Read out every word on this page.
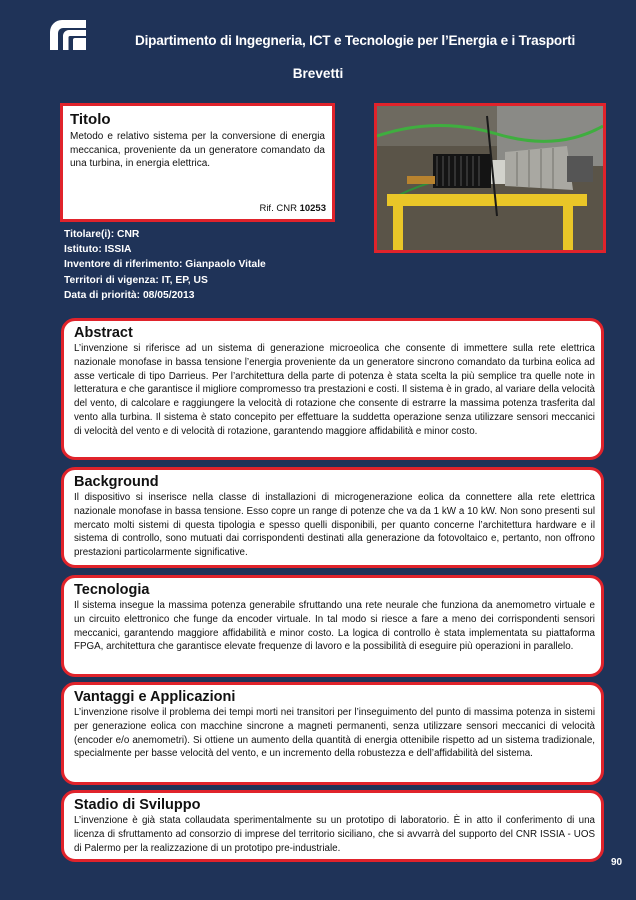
Dipartimento di Ingegneria, ICT e Tecnologie per l’Energia e i Trasporti
Brevetti
Titolo
Metodo e relativo sistema per la conversione di energia meccanica, proveniente da un generatore comandato da una turbina, in energia elettrica.
Rif. CNR 10253
Titolare(i): CNR
Istituto: ISSIA
Inventore di riferimento: Gianpaolo Vitale
Territori di vigenza: IT, EP, US
Data di priorità: 08/05/2013
Abstract
L’invenzione si riferisce ad un sistema di generazione microeolica che consente di immettere sulla rete elettrica nazionale monofase in bassa tensione l’energia proveniente da un generatore sincrono comandato da turbina eolica ad asse verticale di tipo Darrieus. Per l’architettura della parte di potenza è stata scelta la più semplice tra quelle note in letteratura e che garantisce il migliore compromesso tra prestazioni e costi. Il sistema è in grado, al variare della velocità del vento, di calcolare e raggiungere la velocità di rotazione che consente di estrarre la massima potenza trasferita dal vento alla turbina. Il sistema è stato concepito per effettuare la suddetta operazione senza utilizzare sensori meccanici di velocità del vento e di velocità di rotazione, garantendo maggiore affidabilità e minor costo.
Background
Il dispositivo si inserisce nella classe di installazioni di microgenerazione eolica da connettere alla rete elettrica nazionale monofase in bassa tensione. Esso copre un range di potenze che va da 1 kW a 10 kW. Non sono presenti sul mercato molti sistemi di questa tipologia e spesso quelli disponibili, per quanto concerne l’architettura hardware e il sistema di controllo, sono mutuati dai corrispondenti destinati alla generazione da fotovoltaico e, pertanto, non offrono prestazioni particolarmente significative.
Tecnologia
Il sistema insegue la massima potenza generabile sfruttando una rete neurale che funziona da anemometro virtuale e un circuito elettronico che funge da encoder virtuale. In tal modo si riesce a fare a meno dei corrispondenti sensori meccanici, garantendo maggiore affidabilità e minor costo. La logica di controllo è stata implementata su piattaforma FPGA, architettura che garantisce elevate frequenze di lavoro e la possibilità di eseguire più operazioni in parallelo.
Vantaggi e Applicazioni
L’invenzione risolve il problema dei tempi morti nei transitori per l’inseguimento del punto di massima potenza in sistemi per generazione eolica con macchine sincrone a magneti permanenti, senza utilizzare sensori meccanici di velocità (encoder e/o anemometri). Si ottiene un aumento della quantità di energia ottenibile rispetto ad un sistema tradizionale, specialmente per basse velocità del vento, e un incremento della robustezza e dell’affidabilità del sistema.
Stadio di Sviluppo
L’invenzione è già stata collaudata sperimentalmente su un prototipo di laboratorio. È in atto il conferimento di una licenza di sfruttamento ad consorzio di imprese del territorio siciliano, che si avvarrà del supporto del CNR ISSIA - UOS di Palermo per la realizzazione di un prototipo pre-industriale.
90
